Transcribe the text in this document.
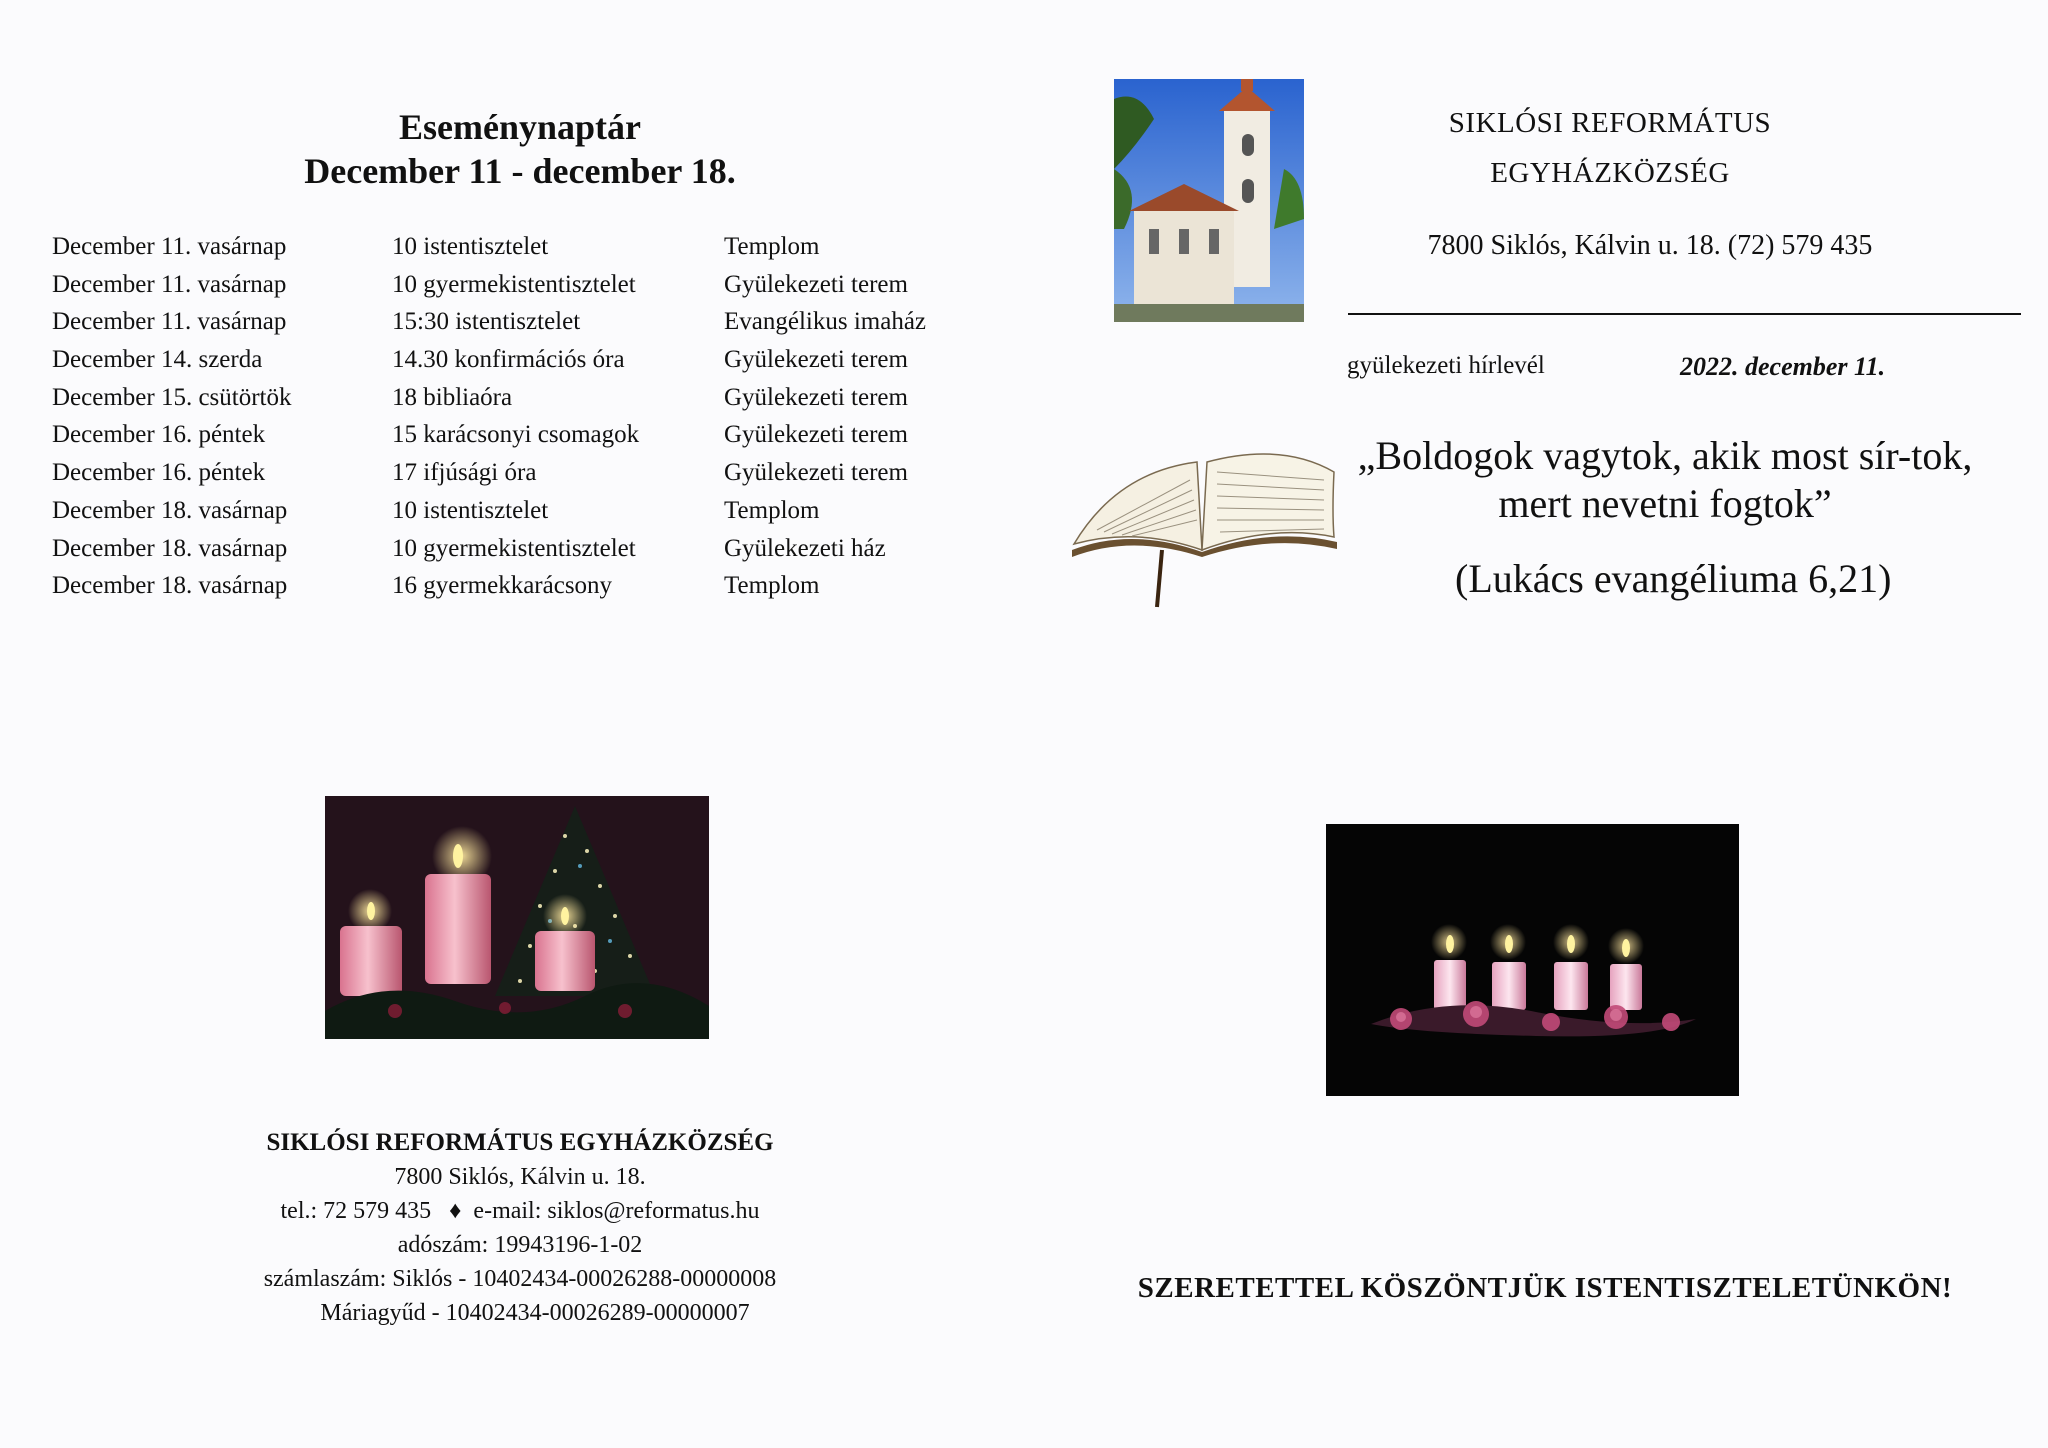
Eseménynaptár
December 11 - december 18.
December 11. vasárnap	10 istentisztelet	Templom
December 11. vasárnap	10 gyermekistentisztelet	Gyülekezeti terem
December 11. vasárnap	15:30 istentisztelet	Evangélikus imaház
December 14. szerda	14.30 konfirmációs óra	Gyülekezeti terem
December 15. csütörtök	18 bibliaóra	Gyülekezeti terem
December 16. péntek	15 karácsonyi csomagok	Gyülekezeti terem
December 16. péntek	17 ifjúsági óra	Gyülekezeti terem
December 18. vasárnap	10 istentisztelet	Templom
December 18. vasárnap	10 gyermekistentisztelet	Gyülekezeti ház
December 18. vasárnap	16 gyermekkarácsony	Templom
SIKLÓSI REFORMÁTUS EGYHÁZKÖZSÉG
7800 Siklós, Kálvin u. 18.
tel.: 72 579 435 ♦ e-mail: siklos@reformatus.hu
adószám: 19943196-1-02
számlaszám: Siklós - 10402434-00026288-00000008
Máriagyűd - 10402434-00026289-00000007
SIKLÓSI REFORMÁTUS
EGYHÁZKÖZSÉG
7800 Siklós, Kálvin u. 18. (72) 579 435
gyülekezeti hírlevél	2022. december 11.
„Boldogok vagytok, akik most sír-tok, mert nevetni fogtok”
(Lukács evangéliuma 6,21)
SZERETETTEL KÖSZÖNTJÜK ISTENTISZTELETÜNKÖN!
